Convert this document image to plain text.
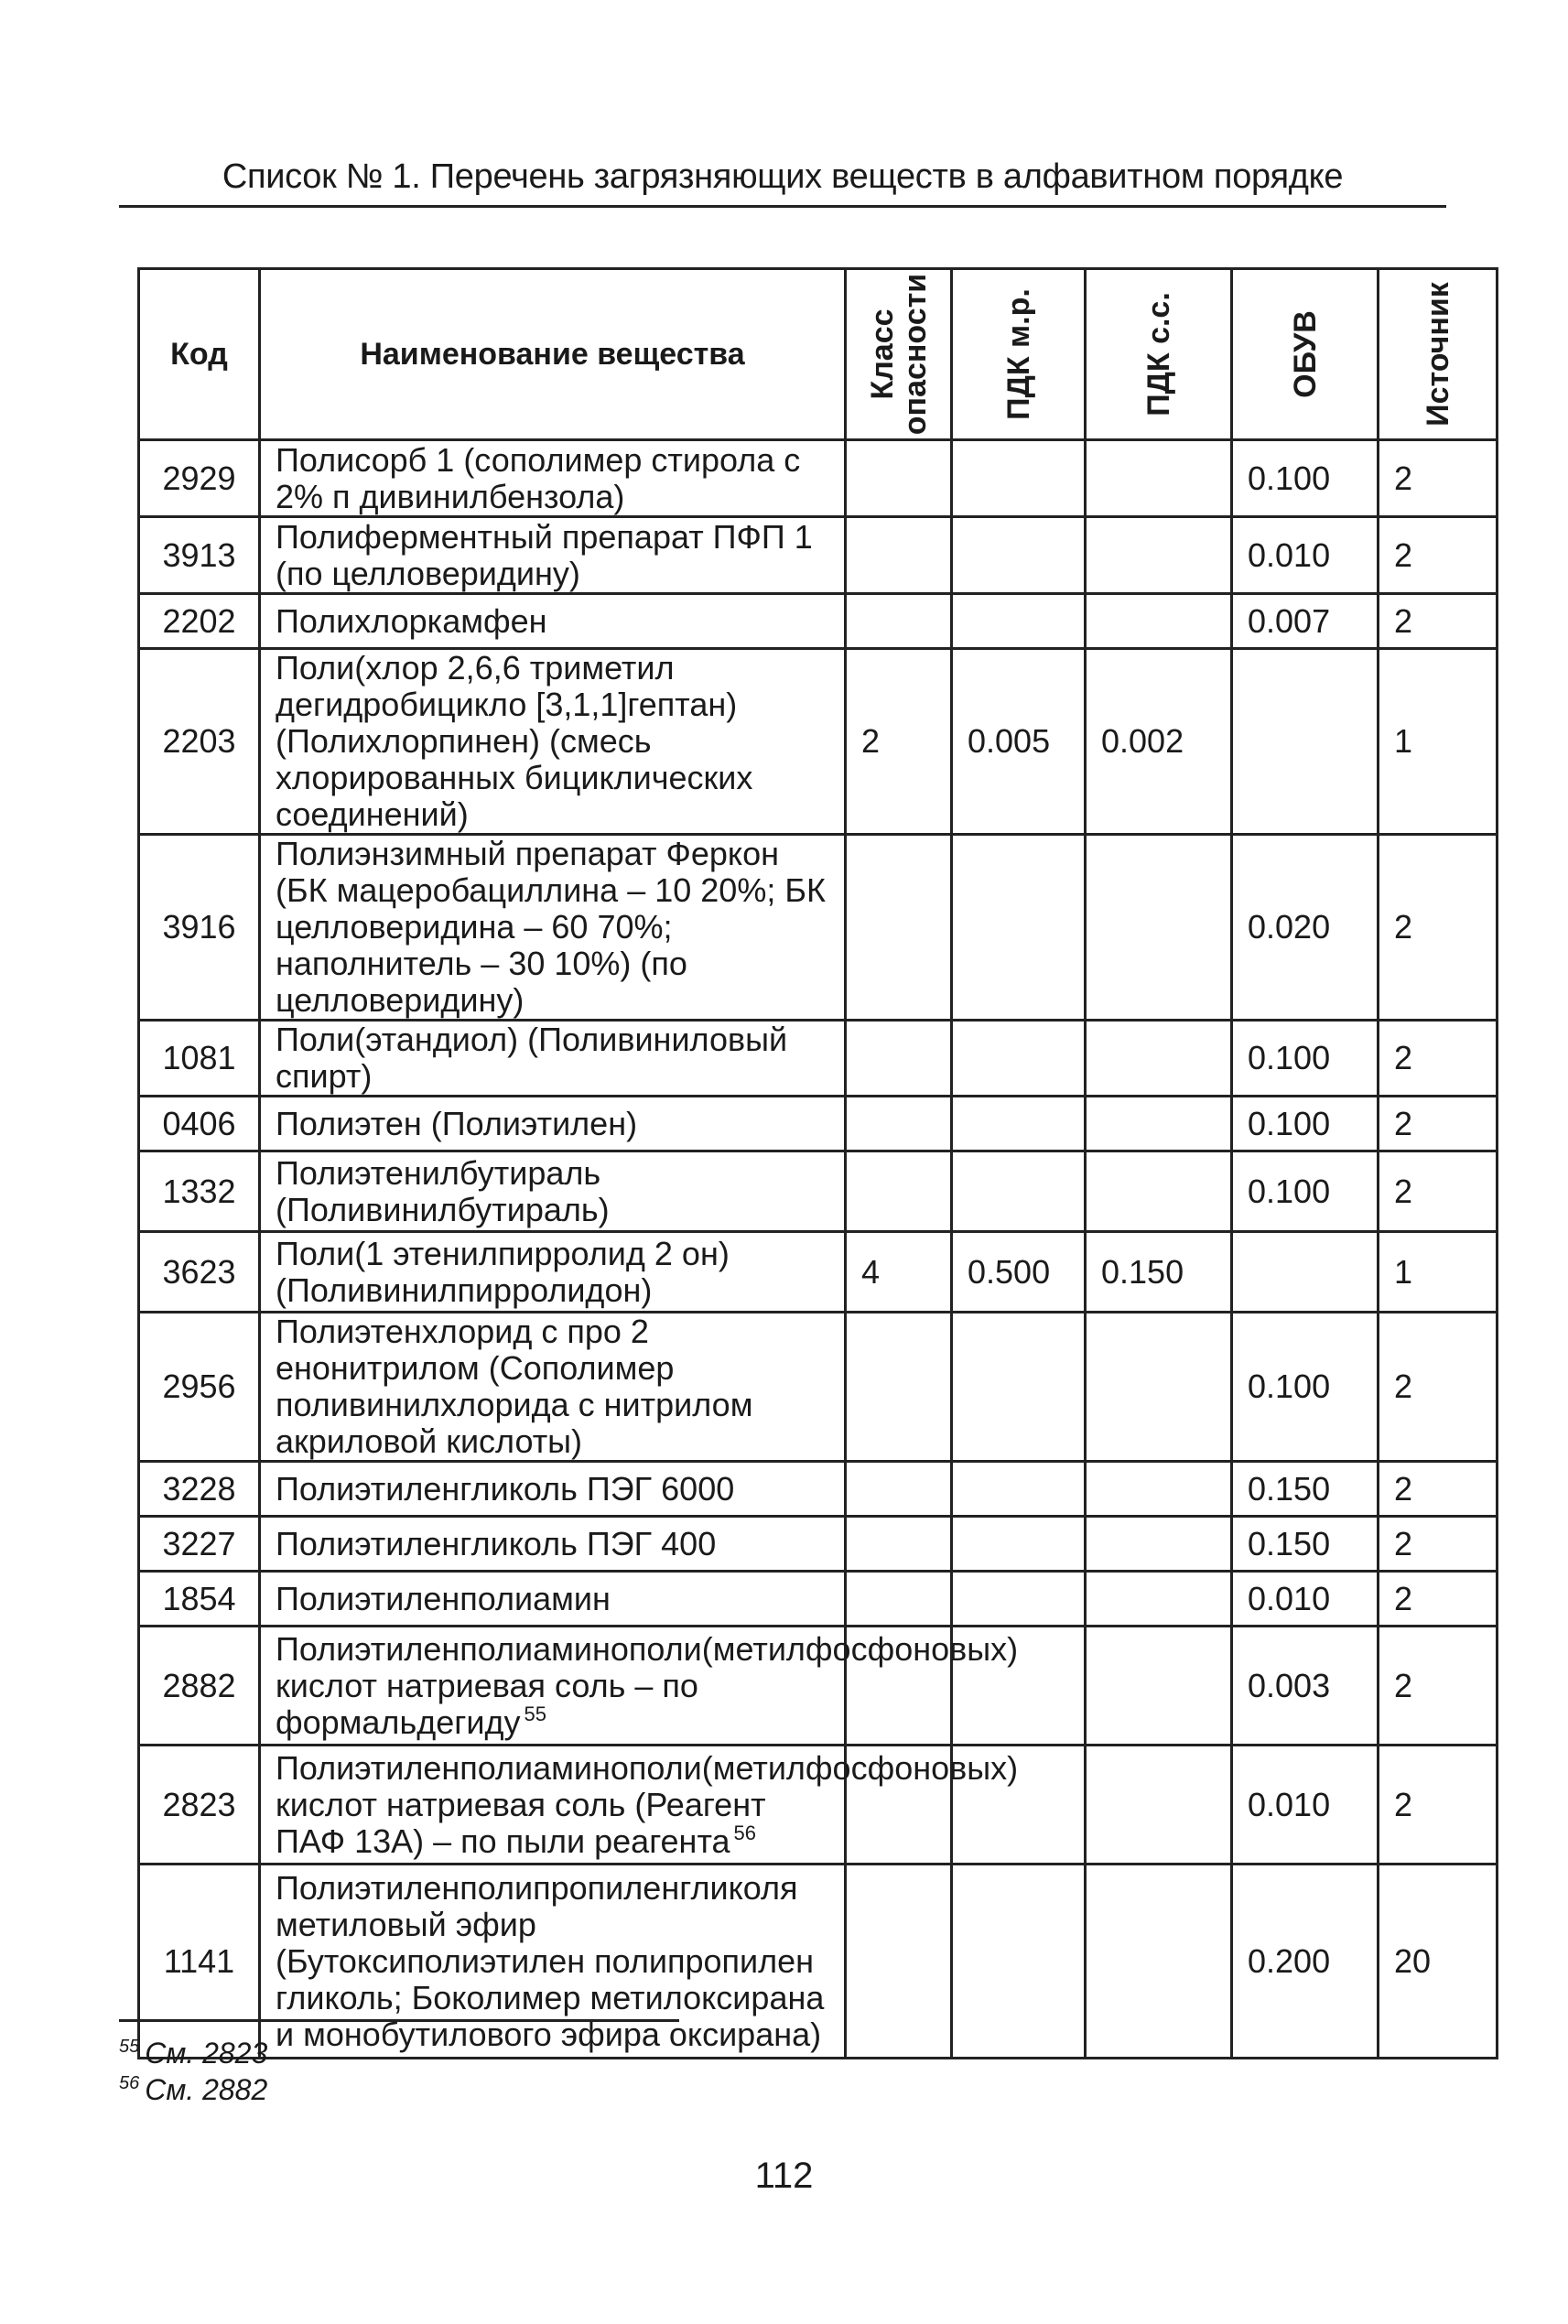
Список № 1. Перечень загрязняющих веществ в алфавитном порядке
Код	Наименование вещества	Класс опасности	ПДК м.р.	ПДК с.с.	ОБУВ	Источник

2929	Полисорб 1 (сополимер стирола с 2% п дивинилбензола)				0.100	2
3913	Полиферментный препарат ПФП 1 (по целловеридину)				0.010	2
2202	Полихлоркамфен				0.007	2
2203	Поли(хлор 2,6,6 триметил дегидробицикло [3,1,1]гептан) (Полихлорпинен) (смесь хлорированных бициклических соединений)	2	0.005	0.002		1
3916	Полиэнзимный препарат Феркон (БК мацеробациллина – 10 20%; БК целловеридина – 60 70%; наполнитель – 30 10%) (по целловеридину)				0.020	2
1081	Поли(этандиол) (Поливиниловый спирт)				0.100	2
0406	Полиэтен (Полиэтилен)				0.100	2
1332	Полиэтенилбутираль (Поливинилбутираль)				0.100	2
3623	Поли(1 этенилпирролид 2 он) (Поливинилпирролидон)	4	0.500	0.150		1
2956	Полиэтенхлорид с про 2 енонитрилом (Сополимер поливинилхлорида с нитрилом акриловой кислоты)				0.100	2
3228	Полиэтиленгликоль ПЭГ 6000				0.150	2
3227	Полиэтиленгликоль ПЭГ 400				0.150	2
1854	Полиэтиленполиамин				0.010	2
2882	Полиэтиленполиаминополи(метилфосфоновых) кислот натриевая соль – по формальдегиду $^{55}$				0.003	2
2823	Полиэтиленполиаминополи(метилфосфоновых) кислот натриевая соль (Реагент ПАФ 13А) – по пыли реагента $^{56}$				0.010	2
1141	Полиэтиленполипропиленгликоля метиловый эфир (Бутоксиполиэтилен полипропилен гликоль; Боколимер метилоксирана и монобутилового эфира оксирана)				0.200	20
$^{55}$ См. 2823
$^{56}$ См. 2882
112
